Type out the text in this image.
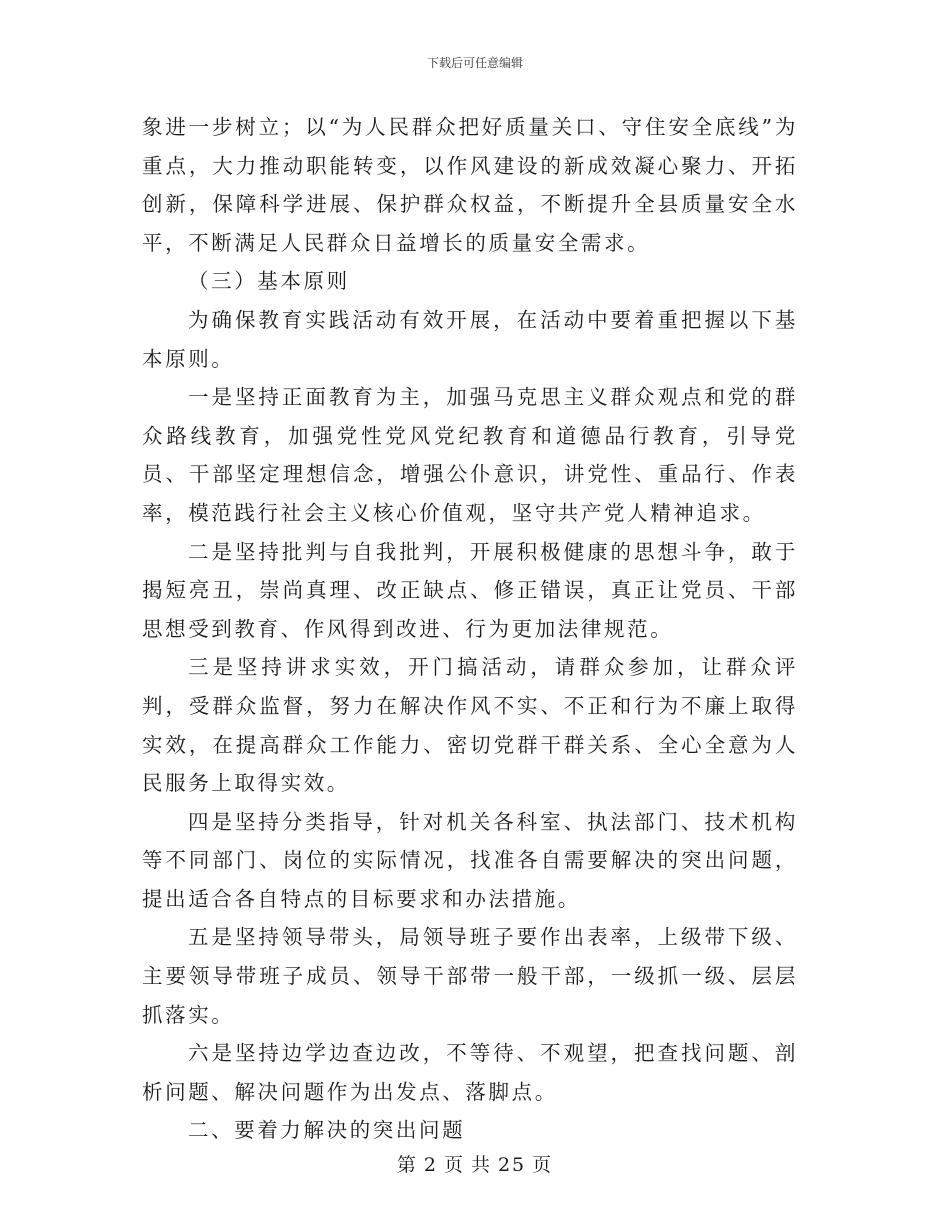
下载后可任意编辑

象进一步树立；以“为人民群众把好质量关口、守住安全底线”为重点，大力推动职能转变，以作风建设的新成效凝心聚力、开拓创新，保障科学进展、保护群众权益，不断提升全县质量安全水平，不断满足人民群众日益增长的质量安全需求。

（三）基本原则

为确保教育实践活动有效开展，在活动中要着重把握以下基本原则。

一是坚持正面教育为主，加强马克思主义群众观点和党的群众路线教育，加强党性党风党纪教育和道德品行教育，引导党员、干部坚定理想信念，增强公仆意识，讲党性、重品行、作表率，模范践行社会主义核心价值观，坚守共产党人精神追求。

二是坚持批判与自我批判，开展积极健康的思想斗争，敢于揭短亮丑，崇尚真理、改正缺点、修正错误，真正让党员、干部思想受到教育、作风得到改进、行为更加法律规范。

三是坚持讲求实效，开门搞活动，请群众参加，让群众评判，受群众监督，努力在解决作风不实、不正和行为不廉上取得实效，在提高群众工作能力、密切党群干群关系、全心全意为人民服务上取得实效。

四是坚持分类指导，针对机关各科室、执法部门、技术机构等不同部门、岗位的实际情况，找准各自需要解决的突出问题，提出适合各自特点的目标要求和办法措施。

五是坚持领导带头，局领导班子要作出表率，上级带下级、主要领导带班子成员、领导干部带一般干部，一级抓一级、层层抓落实。

六是坚持边学边查边改，不等待、不观望，把查找问题、剖析问题、解决问题作为出发点、落脚点。

二、要着力解决的突出问题

第 2 页 共 25 页
